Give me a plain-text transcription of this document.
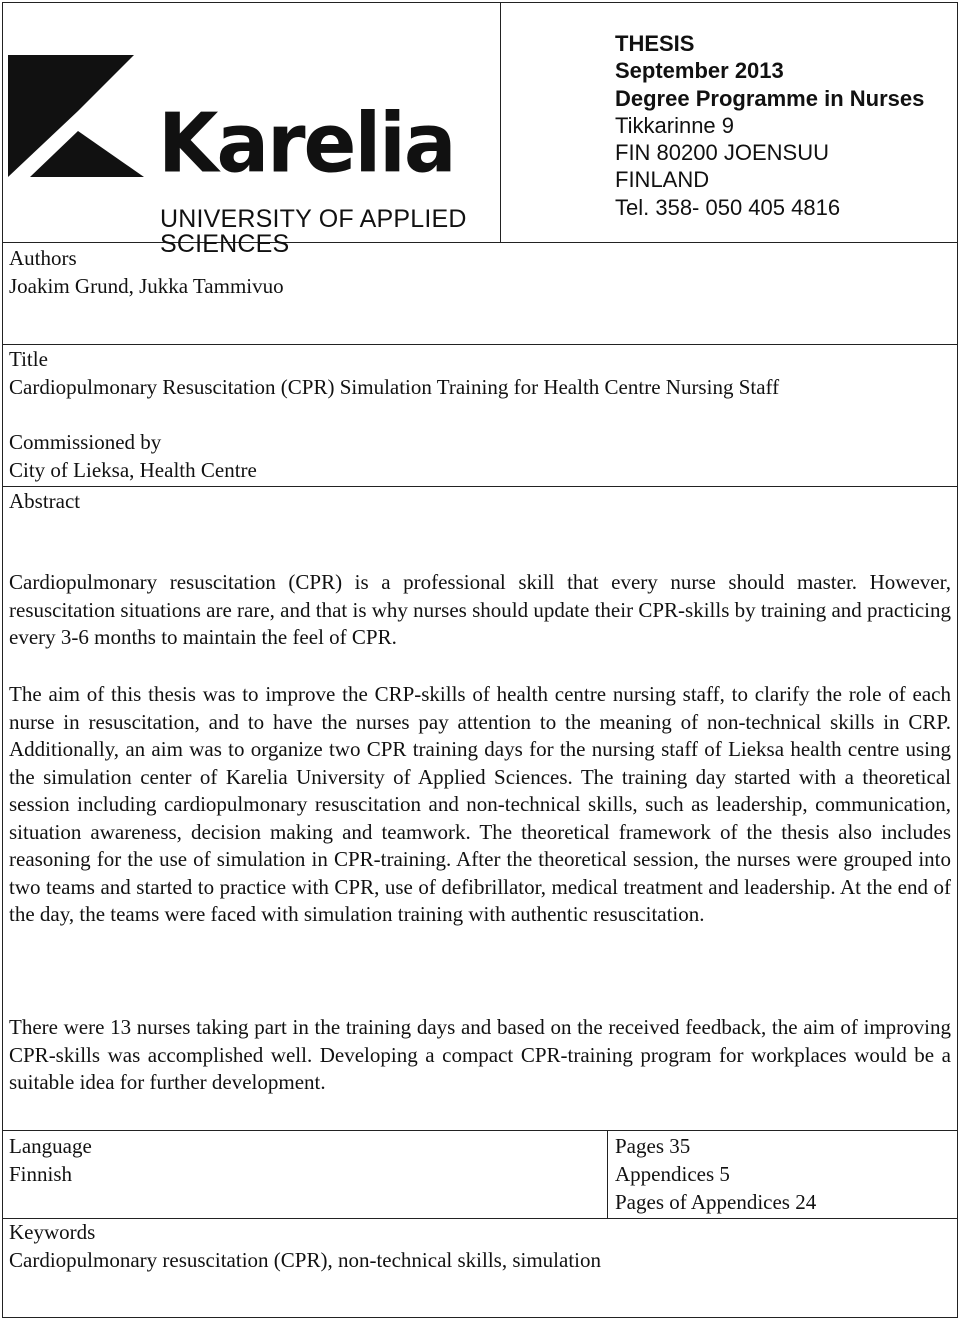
Karelia
UNIVERSITY OF APPLIED SCIENCES
THESIS
September 2013
Degree Programme in Nurses
Tikkarinne 9
FIN 80200 JOENSUU
FINLAND
Tel. 358- 050 405 4816
Authors
Joakim Grund, Jukka Tammivuo
Title
Cardiopulmonary Resuscitation (CPR) Simulation Training for Health Centre Nursing Staff
Commissioned by
City of Lieksa, Health Centre
Abstract
Cardiopulmonary resuscitation (CPR) is a professional skill that every nurse should master. However, resuscitation situations are rare, and that is why nurses should update their CPR-skills by training and practicing every 3-6 months to maintain the feel of CPR.
The aim of this thesis was to improve the CRP-skills of health centre nursing staff, to clarify the role of each nurse in resuscitation, and to have the nurses pay attention to the meaning of non-technical skills in CRP. Additionally, an aim was to organize two CPR training days for the nursing staff of Lieksa health centre using the simulation center of Karelia University of Applied Sciences. The training day started with a theoretical session including cardiopulmonary resuscitation and non-technical skills, such as leadership, communication, situation awareness, decision making and teamwork. The theoretical framework of the thesis also includes reasoning for the use of simulation in CPR-training. After the theoretical session, the nurses were grouped into two teams and started to practice with CPR, use of defibrillator, medical treatment and leadership. At the end of the day, the teams were faced with simulation training with authentic resuscitation.
There were 13 nurses taking part in the training days and based on the received feedback, the aim of improving CPR-skills was accomplished well. Developing a compact CPR-training program for workplaces would be a suitable idea for further development.
Language
Finnish
Pages 35
Appendices 5
Pages of Appendices 24
Keywords
Cardiopulmonary resuscitation (CPR), non-technical skills, simulation
